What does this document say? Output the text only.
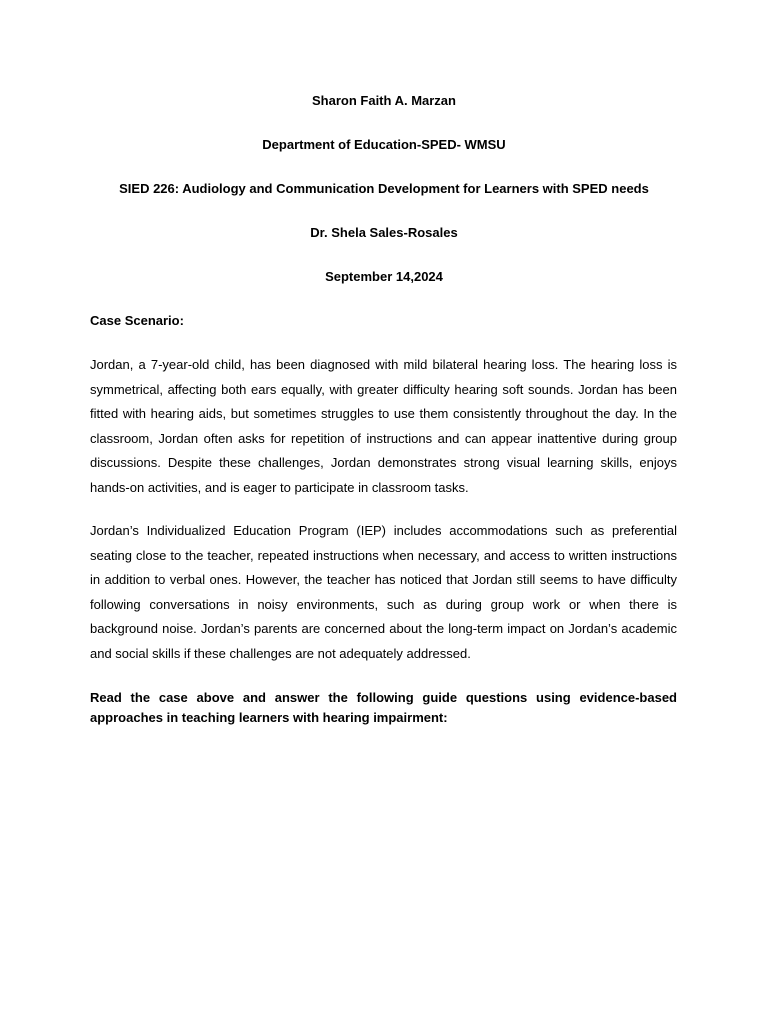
Sharon Faith A. Marzan
Department of Education-SPED- WMSU
SIED 226: Audiology and Communication Development for Learners with SPED needs
Dr. Shela Sales-Rosales
September 14,2024
Case Scenario:

Jordan, a 7-year-old child, has been diagnosed with mild bilateral hearing loss. The hearing loss is symmetrical, affecting both ears equally, with greater difficulty hearing soft sounds. Jordan has been fitted with hearing aids, but sometimes struggles to use them consistently throughout the day. In the classroom, Jordan often asks for repetition of instructions and can appear inattentive during group discussions. Despite these challenges, Jordan demonstrates strong visual learning skills, enjoys hands-on activities, and is eager to participate in classroom tasks.

Jordan’s Individualized Education Program (IEP) includes accommodations such as preferential seating close to the teacher, repeated instructions when necessary, and access to written instructions in addition to verbal ones. However, the teacher has noticed that Jordan still seems to have difficulty following conversations in noisy environments, such as during group work or when there is background noise. Jordan’s parents are concerned about the long-term impact on Jordan’s academic and social skills if these challenges are not adequately addressed.

Read the case above and answer the following guide questions using evidence-based approaches in teaching learners with hearing impairment:
